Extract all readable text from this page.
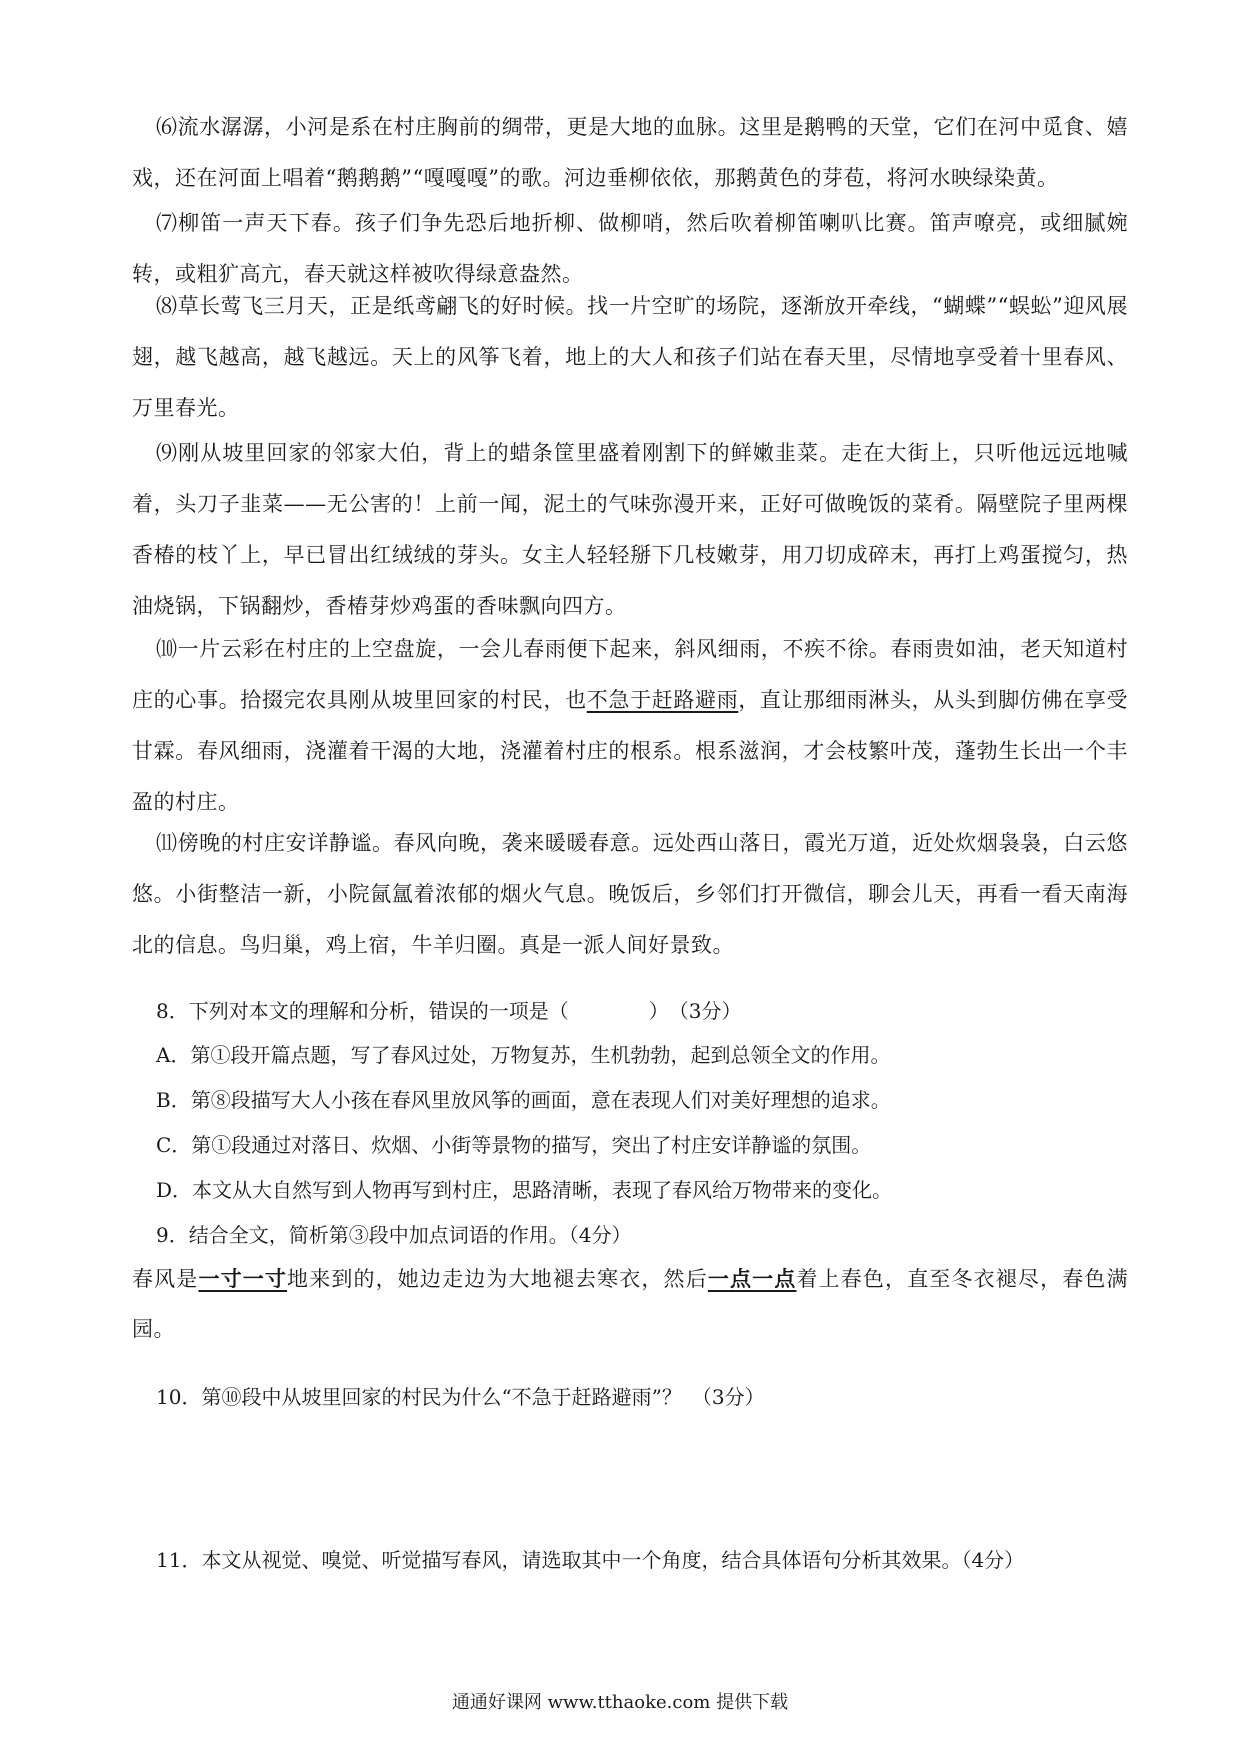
⑹流水潺潺，小河是系在村庄胸前的绸带，更是大地的血脉。这里是鹅鸭的天堂，它们在河中觅食、嬉戏，还在河面上唱着“鹅鹅鹅”“嘎嘎嘎”的歌。河边垂柳依依，那鹅黄色的芽苞，将河水映绿染黄。

⑺柳笛一声天下春。孩子们争先恐后地折柳、做柳哨，然后吹着柳笛喇叭比赛。笛声嘹亮，或细腻婉转，或粗犷高亢，春天就这样被吹得绿意盎然。

⑻草长莺飞三月天，正是纸鸢翩飞的好时候。找一片空旷的场院，逐渐放开牵线，“蝴蝶”“蜈蚣”迎风展翅，越飞越高，越飞越远。天上的风筝飞着，地上的大人和孩子们站在春天里，尽情地享受着十里春风、万里春光。

⑼刚从坡里回家的邻家大伯，背上的蜡条筐里盛着刚割下的鲜嫩韭菜。走在大街上，只听他远远地喊着，头刀子韭菜——无公害的！上前一闻，泥土的气味弥漫开来，正好可做晚饭的菜肴。隔壁院子里两棵香椿的枝丫上，早已冒出红绒绒的芽头。女主人轻轻掰下几枝嫩芽，用刀切成碎末，再打上鸡蛋搅匀，热油烧锅，下锅翻炒，香椿芽炒鸡蛋的香味飘向四方。

⑽一片云彩在村庄的上空盘旋，一会儿春雨便下起来，斜风细雨，不疾不徐。春雨贵如油，老天知道村庄的心事。拾掇完农具刚从坡里回家的村民，也不急于赶路避雨，直让那细雨淋头，从头到脚仿佛在享受甘霖。春风细雨，浇灌着干渴的大地，浇灌着村庄的根系。根系滋润，才会枝繁叶茂，蓬勃生长出一个丰盈的村庄。

⑾傍晚的村庄安详静谧。春风向晚，袭来暖暖春意。远处西山落日，霞光万道，近处炊烟袅袅，白云悠悠。小街整洁一新，小院氤氲着浓郁的烟火气息。晚饭后，乡邻们打开微信，聊会儿天，再看一看天南海北的信息。鸟归巢，鸡上宿，牛羊归圈。真是一派人间好景致。

8．下列对本文的理解和分析，错误的一项是（	）　（3分）

A．第①段开篇点题，写了春风过处，万物复苏，生机勃勃，起到总领全文的作用。

B．第⑧段描写大人小孩在春风里放风筝的画面，意在表现人们对美好理想的追求。

C．第①段通过对落日、炊烟、小街等景物的描写，突出了村庄安详静谧的氛围。

D．本文从大自然写到人物再写到村庄，思路清晰，表现了春风给万物带来的变化。

9．结合全文，简析第③段中加点词语的作用。（4分）

春风是一寸一寸地来到的，她边走边为大地褪去寒衣，然后一点一点着上春色，直至冬衣褪尽，春色满园。

10．第⑩段中从坡里回家的村民为什么“不急于赶路避雨”？　（3分）

11．本文从视觉、嗅觉、听觉描写春风，请选取其中一个角度，结合具体语句分析其效果。（4分）

通通好课网 www.tthaoke.com 提供下载
